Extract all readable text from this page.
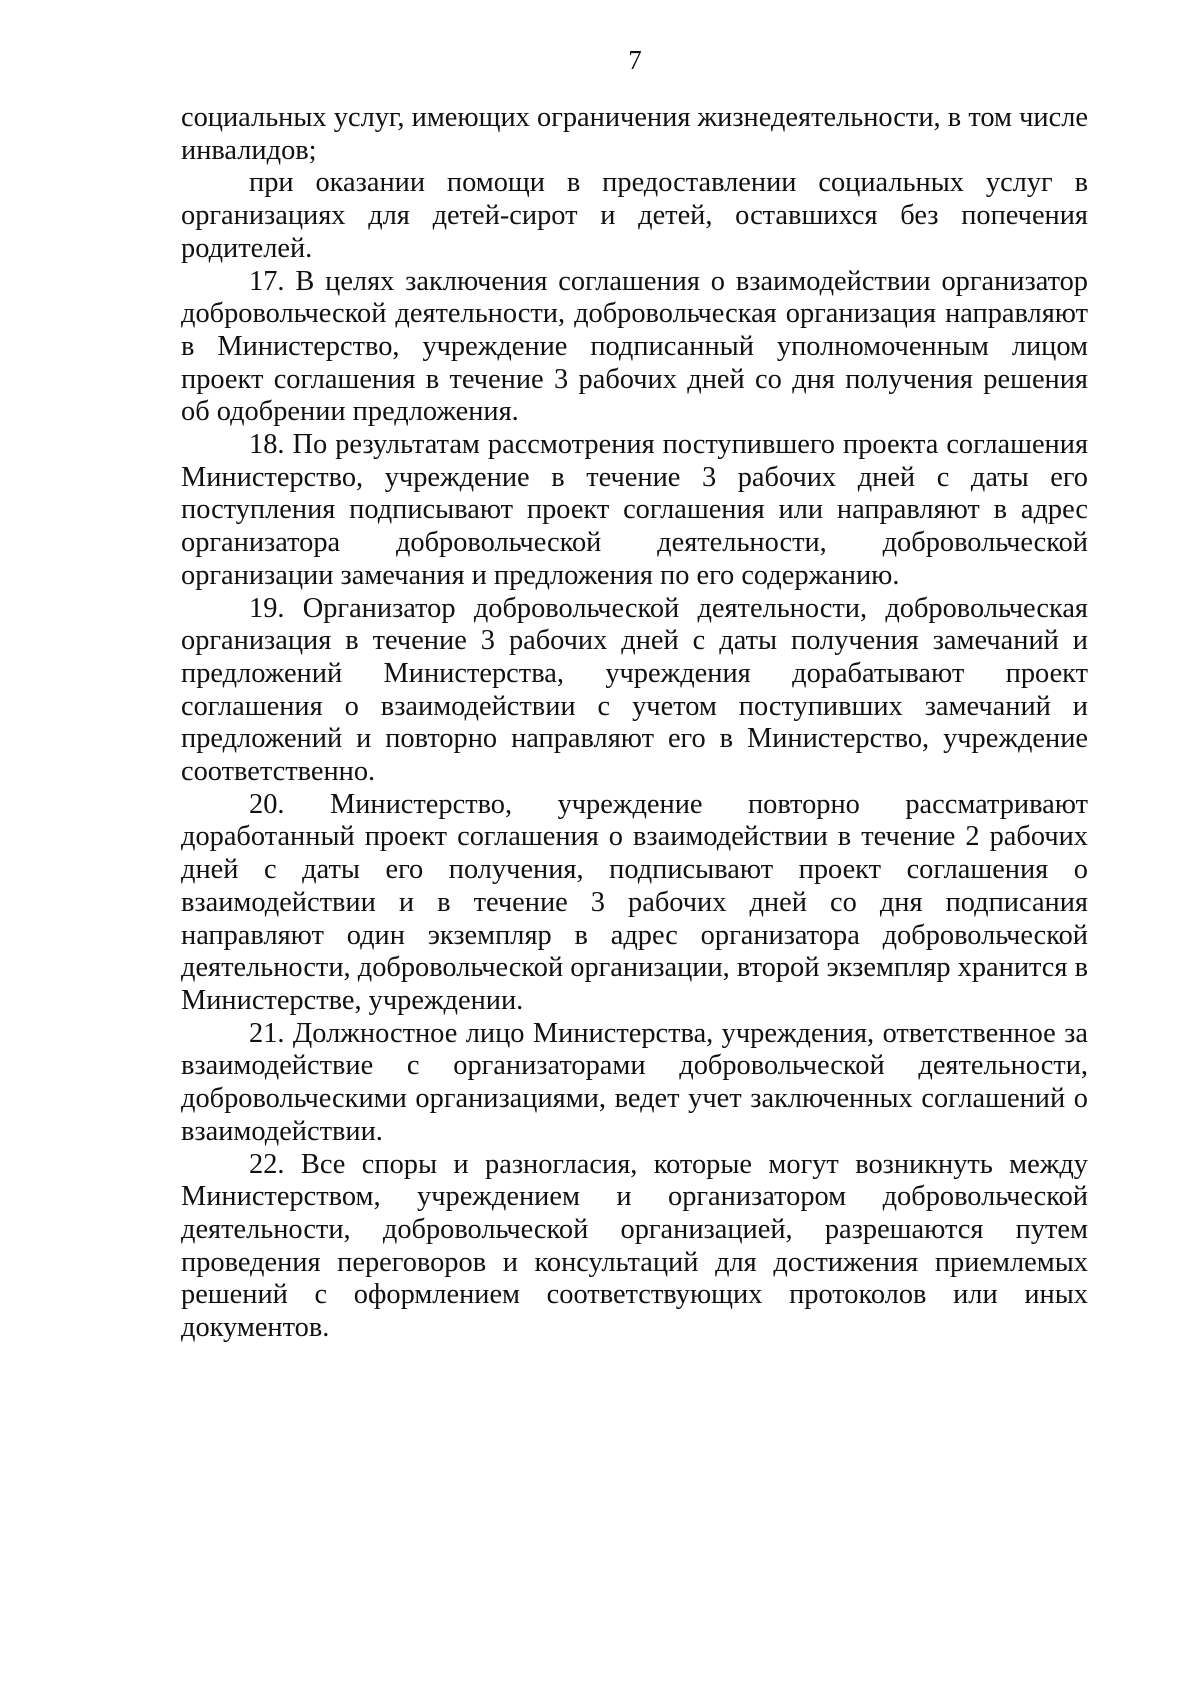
7

социальных услуг, имеющих ограничения жизнедеятельности, в том числе инвалидов;

при оказании помощи в предоставлении социальных услуг в организациях для детей-сирот и детей, оставшихся без попечения родителей.

17. В целях заключения соглашения о взаимодействии организатор добровольческой деятельности, добровольческая организация направляют в Министерство, учреждение подписанный уполномоченным лицом проект соглашения в течение 3 рабочих дней со дня получения решения об одобрении предложения.

18. По результатам рассмотрения поступившего проекта соглашения Министерство, учреждение в течение 3 рабочих дней с даты его поступления подписывают проект соглашения или направляют в адрес организатора добровольческой деятельности, добровольческой организации замечания и предложения по его содержанию.

19. Организатор добровольческой деятельности, добровольческая организация в течение 3 рабочих дней с даты получения замечаний и предложений Министерства, учреждения дорабатывают проект соглашения о взаимодействии с учетом поступивших замечаний и предложений и повторно направляют его в Министерство, учреждение соответственно.

20. Министерство, учреждение повторно рассматривают доработанный проект соглашения о взаимодействии в течение 2 рабочих дней с даты его получения, подписывают проект соглашения о взаимодействии и в течение 3 рабочих дней со дня подписания направляют один экземпляр в адрес организатора добровольческой деятельности, добровольческой организации, второй экземпляр хранится в Министерстве, учреждении.

21. Должностное лицо Министерства, учреждения, ответственное за взаимодействие с организаторами добровольческой деятельности, добровольческими организациями, ведет учет заключенных соглашений о взаимодействии.

22. Все споры и разногласия, которые могут возникнуть между Министерством, учреждением и организатором добровольческой деятельности, добровольческой организацией, разрешаются путем проведения переговоров и консультаций для достижения приемлемых решений с оформлением соответствующих протоколов или иных документов.
